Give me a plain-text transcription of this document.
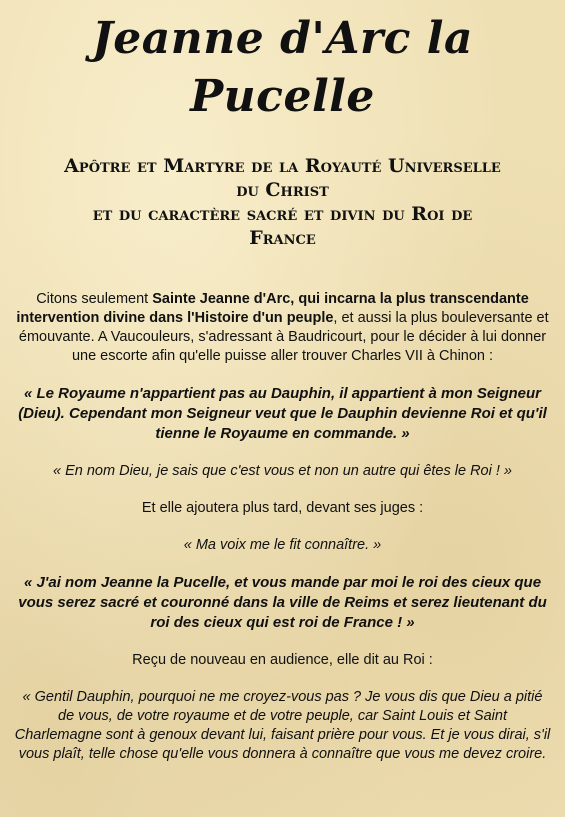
Jeanne d'Arc la Pucelle
Apôtre et Martyre de la Royauté Universelle
du Christ
et du caractère sacré et divin du Roi de
France

Citons seulement Sainte Jeanne d'Arc, qui incarna la plus transcendante intervention divine dans l'Histoire d'un peuple, et aussi la plus bouleversante et émouvante. A Vaucouleurs, s'adressant à Baudricourt, pour le décider à lui donner une escorte afin qu'elle puisse aller trouver Charles VII à Chinon :

« Le Royaume n'appartient pas au Dauphin, il appartient à mon Seigneur (Dieu). Cependant mon Seigneur veut que le Dauphin devienne Roi et qu'il tienne le Royaume en commande. »

« En nom Dieu, je sais que c'est vous et non un autre qui êtes le Roi ! »

Et elle ajoutera plus tard, devant ses juges :

« Ma voix me le fit connaître. »

« J'ai nom Jeanne la Pucelle, et vous mande par moi le roi des cieux que vous serez sacré et couronné dans la ville de Reims et serez lieutenant du roi des cieux qui est roi de France ! »

Reçu de nouveau en audience, elle dit au Roi :

« Gentil Dauphin, pourquoi ne me croyez-vous pas ? Je vous dis que Dieu a pitié de vous, de votre royaume et de votre peuple, car Saint Louis et Saint Charlemagne sont à genoux devant lui, faisant prière pour vous. Et je vous dirai, s'il vous plaît, telle chose qu'elle vous donnera à connaître que vous me devez croire.
